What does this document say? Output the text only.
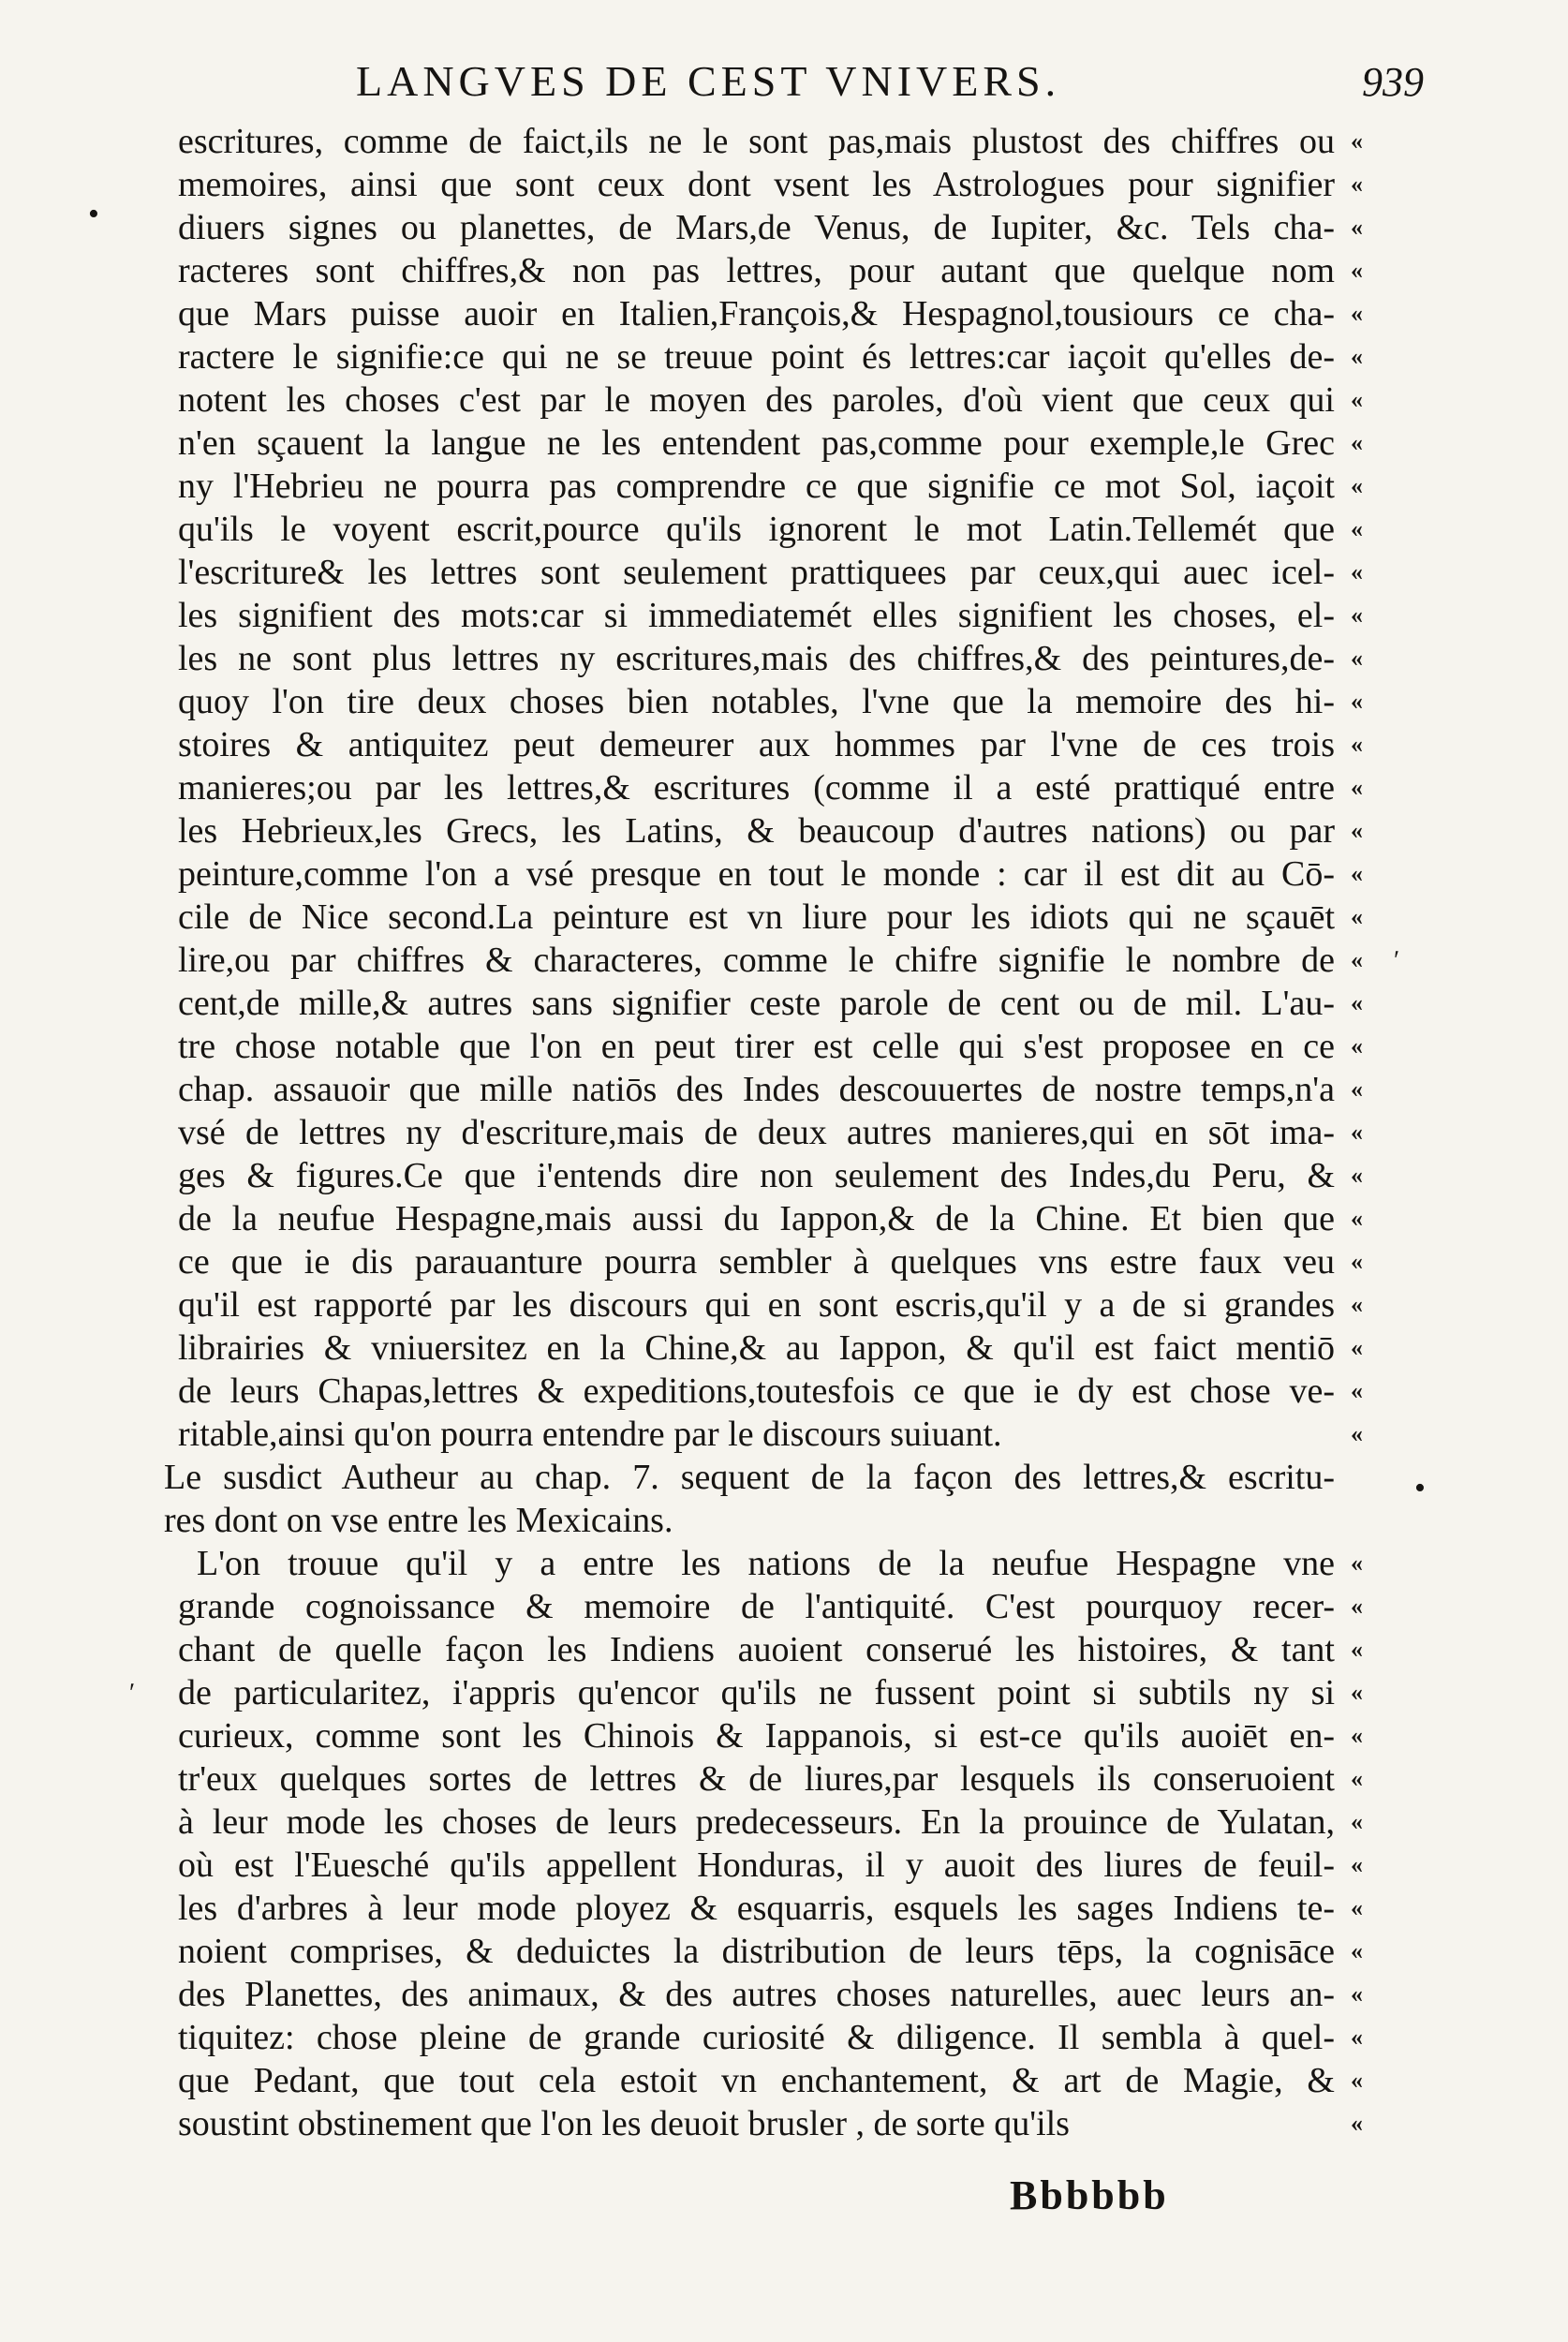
LANGVES DE CEST VNIVERS.	939
•
•
ʹ
ʹ
escritures, comme de faict,ils ne le sont pas,mais plustost des chiffres ou «
memoires, ainsi que sont ceux dont vsent les Astrologues pour signifier «
diuers signes ou planettes, de Mars,de Venus, de Iupiter, &c. Tels cha- «
racteres sont chiffres,& non pas lettres, pour autant que quelque nom «
que Mars puisse auoir en Italien,François,& Hespagnol,tousiours ce cha- «
ractere le signifie:ce qui ne se treuue point és lettres:car iaçoit qu'elles de- «
notent les choses c'est par le moyen des paroles, d'où vient que ceux qui «
n'en sçauent la langue ne les entendent pas,comme pour exemple,le Grec «
ny l'Hebrieu ne pourra pas comprendre ce que signifie ce mot Sol, iaçoit «
qu'ils le voyent escrit,pource qu'ils ignorent le mot Latin.Tellemét que «
l'escriture& les lettres sont seulement prattiquees par ceux,qui auec icel- «
les signifient des mots:car si immediatemét elles signifient les choses, el- «
les ne sont plus lettres ny escritures,mais des chiffres,& des peintures,de- «
quoy l'on tire deux choses bien notables, l'vne que la memoire des hi- «
stoires & antiquitez peut demeurer aux hommes par l'vne de ces trois «
manieres;ou par les lettres,& escritures (comme il a esté prattiqué entre «
les Hebrieux,les Grecs, les Latins, & beaucoup d'autres nations) ou par «
peinture,comme l'on a vsé presque en tout le monde : car il est dit au Cō- «
cile de Nice second.La peinture est vn liure pour les idiots qui ne sçauēt «
lire,ou par chiffres & characteres, comme le chifre signifie le nombre de «
cent,de mille,& autres sans signifier ceste parole de cent ou de mil. L'au- «
tre chose notable que l'on en peut tirer est celle qui s'est proposee en ce «
chap. assauoir que mille natiōs des Indes descouuertes de nostre temps,n'a «
vsé de lettres ny d'escriture,mais de deux autres manieres,qui en sōt ima- «
ges & figures.Ce que i'entends dire non seulement des Indes,du Peru, & «
de la neufue Hespagne,mais aussi du Iappon,& de la Chine. Et bien que «
ce que ie dis parauanture pourra sembler à quelques vns estre faux veu «
qu'il est rapporté par les discours qui en sont escris,qu'il y a de si grandes «
librairies & vniuersitez en la Chine,& au Iappon, & qu'il est faict mentiō «
de leurs Chapas,lettres & expeditions,toutesfois ce que ie dy est chose ve- «
ritable,ainsi qu'on pourra entendre par le discours suiuant.	«
Le susdict Autheur au chap. 7. sequent de la façon des lettres,& escritu-
res dont on vse entre les Mexicains.
L'on trouue qu'il y a entre les nations de la neufue Hespagne vne «
grande cognoissance & memoire de l'antiquité. C'est pourquoy recer- «
chant de quelle façon les Indiens auoient conserué les histoires, & tant «
de particularitez, i'appris qu'encor qu'ils ne fussent point si subtils ny si «
curieux, comme sont les Chinois & Iappanois, si est-ce qu'ils auoiēt en- «
tr'eux quelques sortes de lettres & de liures,par lesquels ils conseruoient «
à leur mode les choses de leurs predecesseurs. En la prouince de Yulatan, «
où est l'Euesché qu'ils appellent Honduras, il y auoit des liures de feuil- «
les d'arbres à leur mode ployez & esquarris, esquels les sages Indiens te- «
noient comprises, & deduictes la distribution de leurs tēps, la cognisāce «
des Planettes, des animaux, & des autres choses naturelles, auec leurs an- «
tiquitez: chose pleine de grande curiosité & diligence. Il sembla à quel- «
que Pedant, que tout cela estoit vn enchantement, & art de Magie, & «
soustint obstinement que l'on les deuoit brusler , de sorte qu'ils	«
Bbbbbb
